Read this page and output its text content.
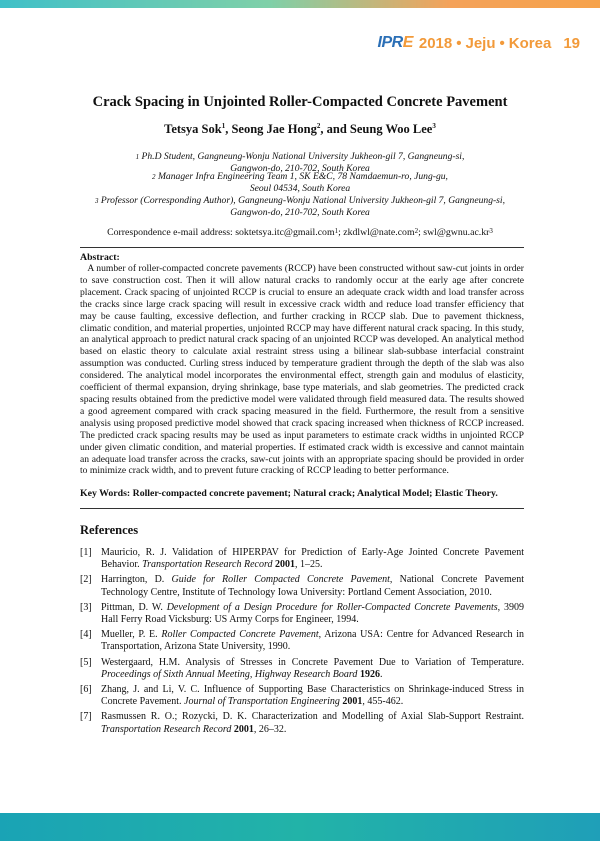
IPR E 2018 • Jeju • Korea 19
Crack Spacing in Unjointed Roller-Compacted Concrete Pavement
Tetsya Sok$^1$, Seong Jae Hong$^2$, and Seung Woo Lee$^3$
$^1$ Ph.D Student, Gangneung-Wonju National University Jukheon-gil 7, Gangneung-si,
Gangwon-do, 210-702, South Korea
$^2$ Manager Infra Engineering Team 1, SK E&C, 78 Namdaemun-ro, Jung-gu,
Seoul 04534, South Korea
$^3$ Professor (Corresponding Author), Gangneung-Wonju National University Jukheon-gil 7, Gangneung-si,
Gangwon-do, 210-702, South Korea
Correspondence e-mail address: soktetsya.itc@gmail.com$^1$; zkdlwl@nate.com$^2$; $swl@gwnu.ac.kr^3$
Abstract:
A number of roller-compacted concrete pavements (RCCP) have been constructed without saw-cut joints in order to save construction cost. Then it will allow natural cracks to randomly occur at the early age after concrete placement. Crack spacing of unjointed RCCP is crucial to ensure an adequate crack width and load transfer across the cracks since large crack spacing will result in excessive crack width and reduce load transfer efficiency that may be cause faulting, excessive deflection, and further cracking in RCCP slab. Due to pavement thickness, climatic condition, and material properties, unjointed RCCP may have different natural crack spacing. In this study, an analytical approach to predict natural crack spacing of an unjointed RCCP was developed. An analytical method based on elastic theory to calculate axial restraint stress using a bilinear slab-subbase interfacial constraint assumption was conducted. Curling stress induced by temperature gradient through the depth of the slab was also considered. The analytical model incorporates the environmental effect, strength gain and modulus of elasticity, coefficient of thermal expansion, drying shrinkage, base type materials, and slab geometries. The predicted crack spacing results obtained from the predictive model were validated through field measured data. The results showed a good agreement compared with crack spacing measured in the field. Furthermore, the result from a sensitive analysis using proposed predictive model showed that crack spacing increased when thickness of RCCP increased. The predicted crack spacing results may be used as input parameters to estimate crack widths in unjointed RCCP under given climatic condition, and material properties. If estimated crack width is excessive and cannot maintain an adequate load transfer across the cracks, saw-cut joints with an appropriate spacing should be provided in order to minimize crack width, and to prevent future cracking of RCCP leading to better performance.
Key Words: Roller-compacted concrete pavement; Natural crack; Analytical Model; Elastic Theory.
References
[1] Mauricio, R. J. Validation of HIPERPAV for Prediction of Early-Age Jointed Concrete Pavement Behavior. Transportation Research Record 2001, 1–25.
[2] Harrington, D. Guide for Roller Compacted Concrete Pavement, National Concrete Pavement Technology Centre, Institute of Technology Iowa University: Portland Cement Association, 2010.
[3] Pittman, D. W. Development of a Design Procedure for Roller-Compacted Concrete Pavements, 3909 Hall Ferry Road Vicksburg: US Army Corps for Engineer, 1994.
[4] Mueller, P. E. Roller Compacted Concrete Pavement, Arizona USA: Centre for Advanced Research in Transportation, Arizona State University, 1990.
[5] Westergaard, H.M. Analysis of Stresses in Concrete Pavement Due to Variation of Temperature. Proceedings of Sixth Annual Meeting, Highway Research Board 1926.
[6] Zhang, J. and Li, V. C. Influence of Supporting Base Characteristics on Shrinkage-induced Stress in Concrete Pavement. Journal of Transportation Engineering 2001, 455-462.
[7] Rasmussen R. O.; Rozycki, D. K. Characterization and Modelling of Axial Slab-Support Restraint. Transportation Research Record 2001, 26–32.
